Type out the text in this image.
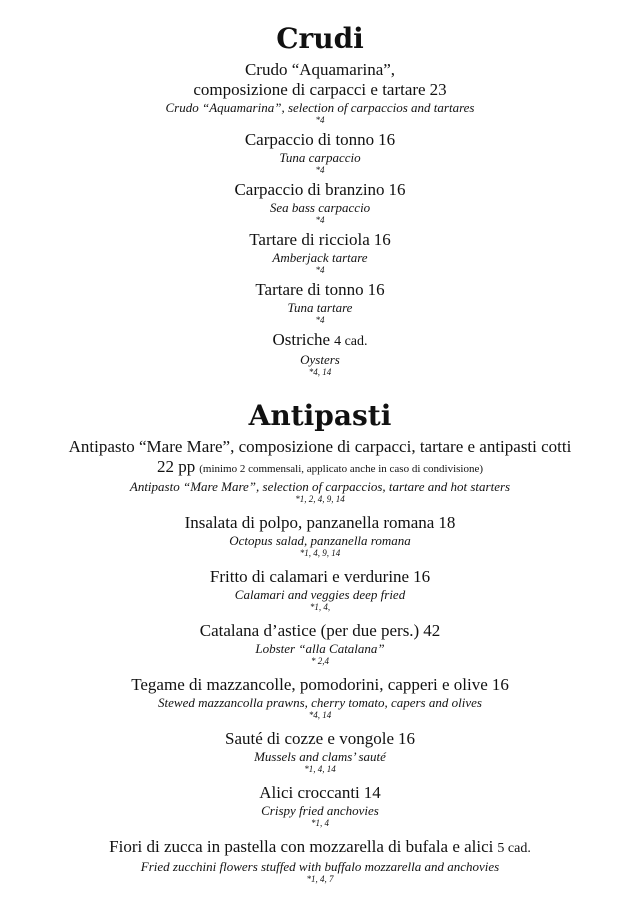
Crudi
Crudo “Aquamarina”,
composizione di carpacci e tartare 23
Crudo “Aquamarina”, selection of carpaccios and tartares
*4
Carpaccio di tonno 16
Tuna carpaccio
*4
Carpaccio di branzino 16
Sea bass carpaccio
*4
Tartare di ricciola 16
Amberjack tartare
*4
Tartare di tonno 16
Tuna tartare
*4
Ostriche 4 cad.
Oysters
*4, 14
Antipasti
Antipasto “Mare Mare”, composizione di carpacci, tartare e antipasti cotti
22 pp (minimo 2 commensali, applicato anche in caso di condivisione)
Antipasto “Mare Mare”, selection of carpaccios, tartare and hot starters
*1, 2, 4, 9, 14
Insalata di polpo, panzanella romana 18
Octopus salad, panzanella romana
*1, 4, 9, 14
Fritto di calamari e verdurine 16
Calamari and veggies deep fried
*1, 4,
Catalana d’astice (per due pers.) 42
Lobster “alla Catalana”
* 2,4
Tegame di mazzancolle, pomodorini, capperi e olive 16
Stewed mazzancolla prawns, cherry tomato, capers and olives
*4, 14
Sauté di cozze e vongole 16
Mussels and clams’ sauté
*1, 4, 14
Alici croccanti 14
Crispy fried anchovies
*1, 4
Fiori di zucca in pastella con mozzarella di bufala e alici 5 cad.
Fried zucchini flowers stuffed with buffalo mozzarella and anchovies
*1, 4, 7
